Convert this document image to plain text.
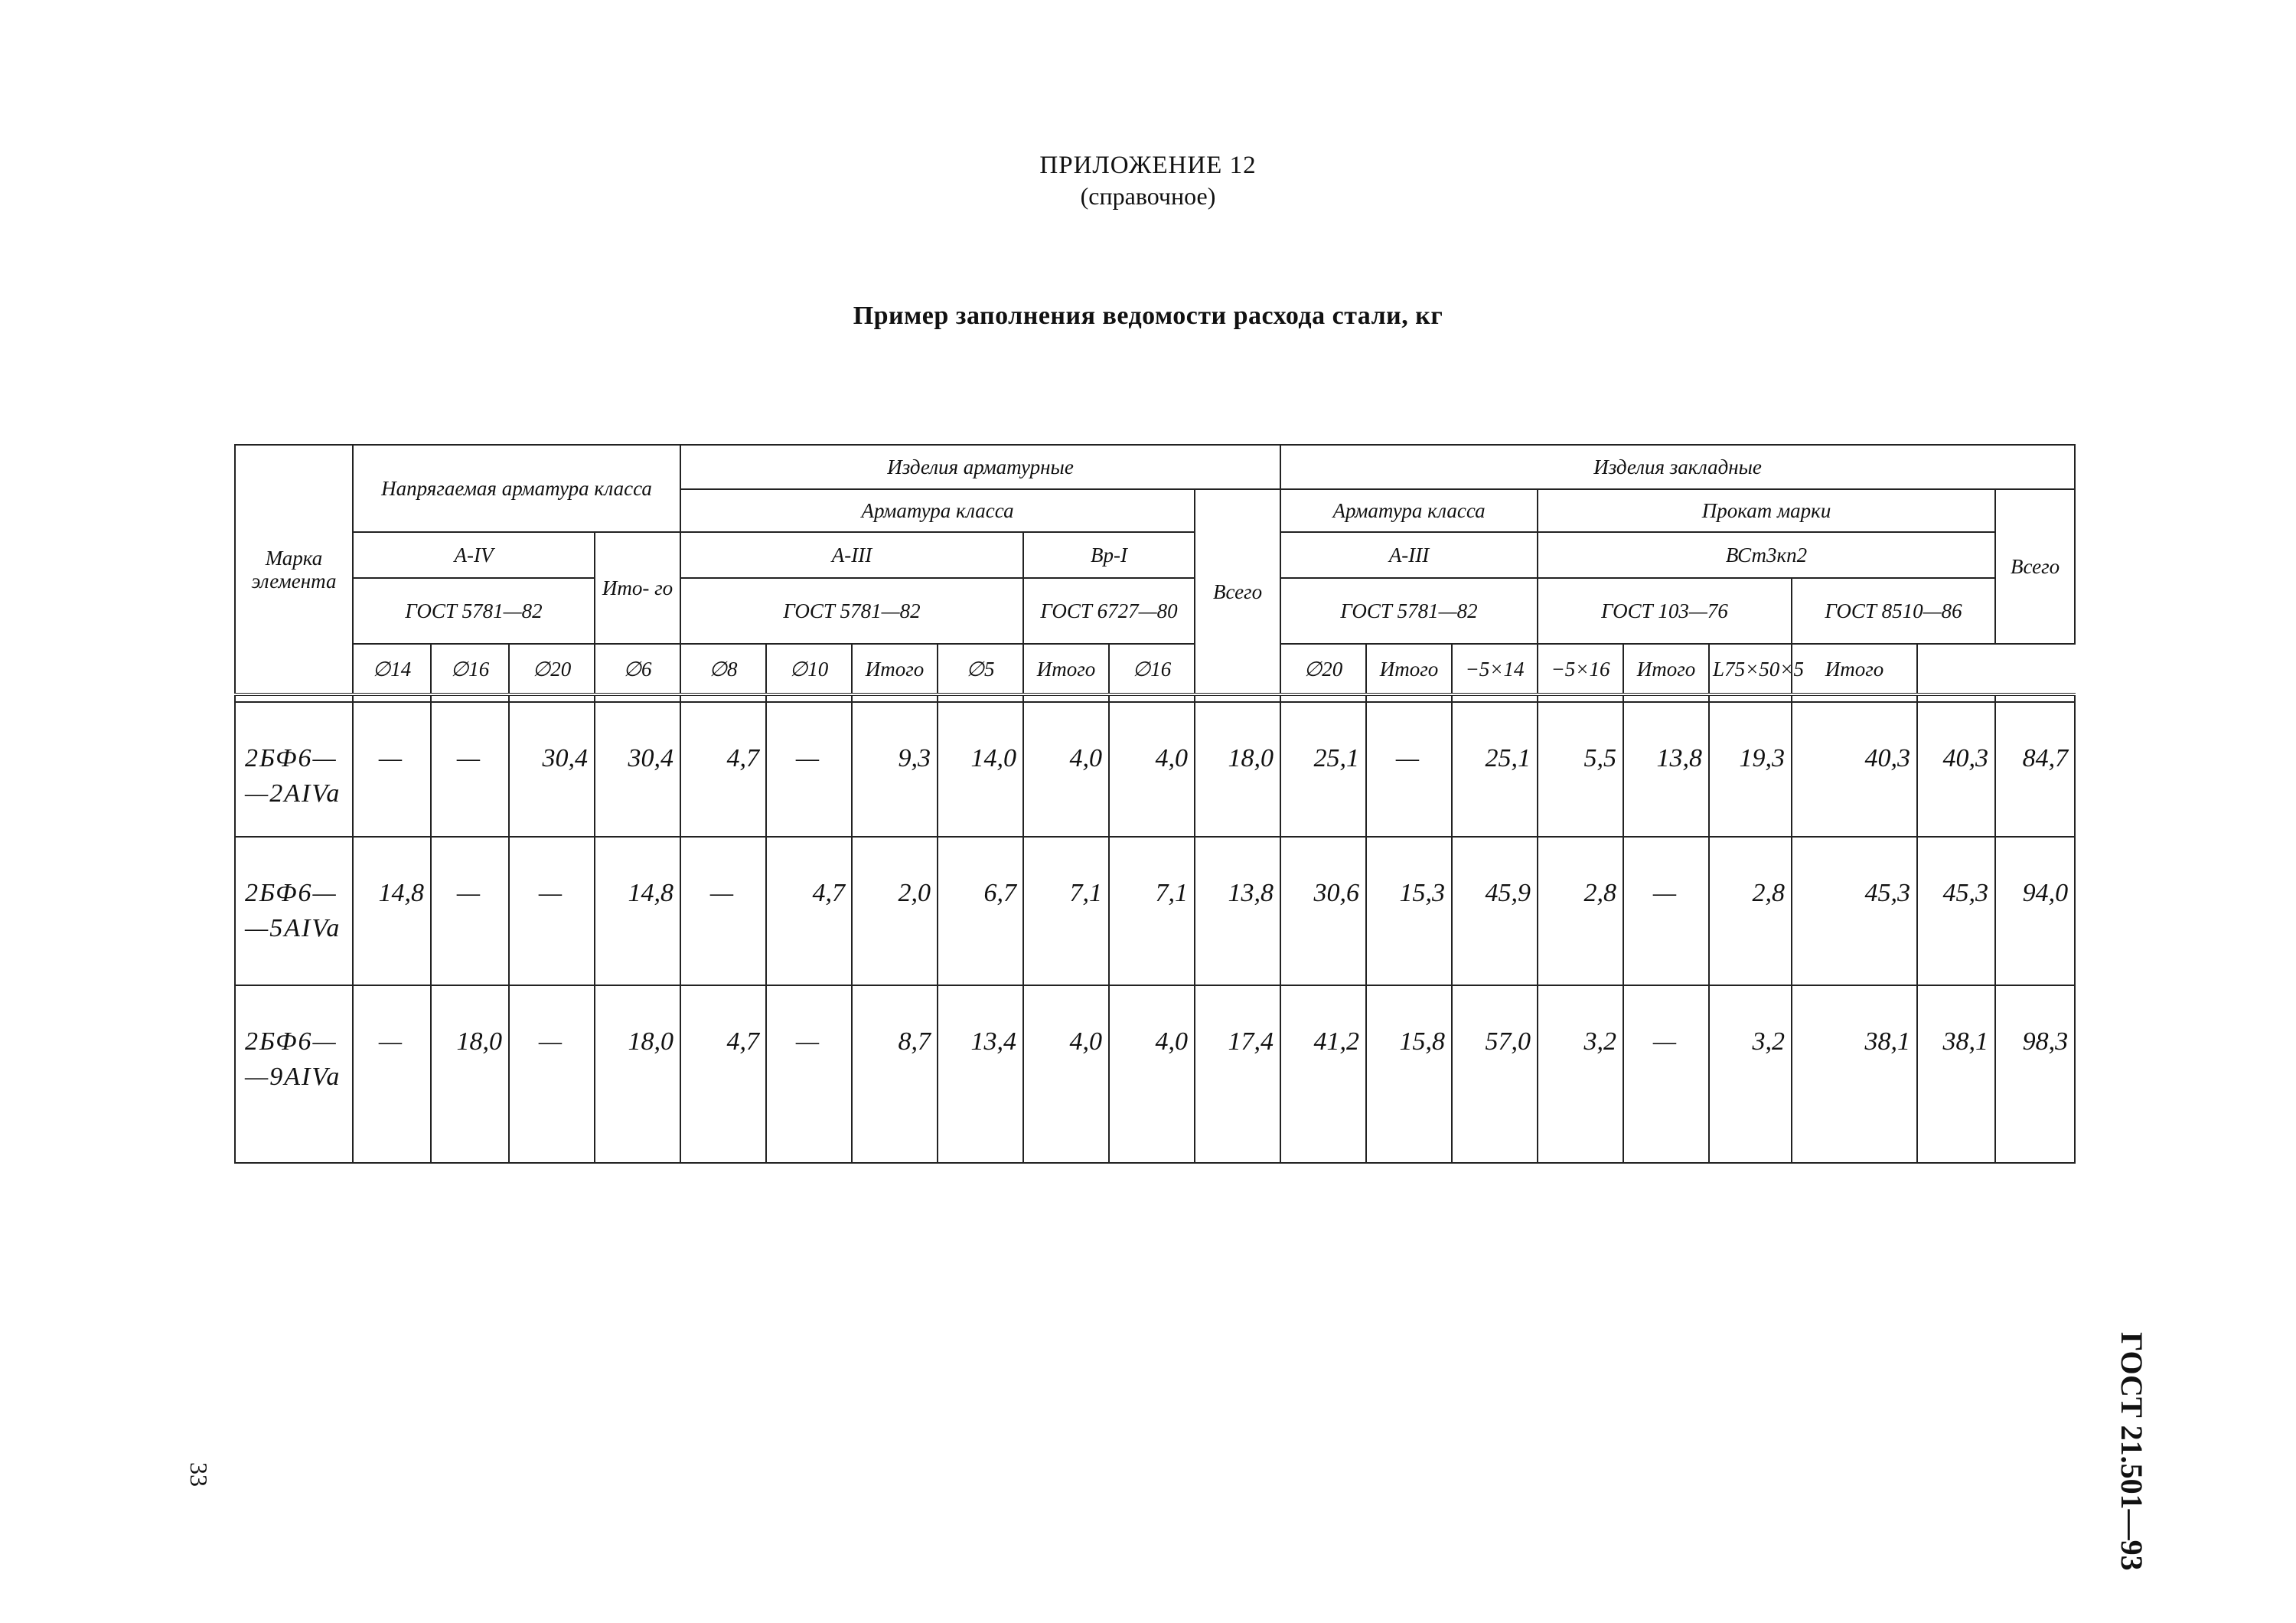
ПРИЛОЖЕНИЕ 12
(справочное)
Пример заполнения ведомости расхода стали, кг
Марка элемента	Напрягаемая арматура класса				Изделия арматурные							Изделия закладные								
					Арматура класса						Всего	Арматура класса			Прокат марки					Всего
	A-IV			Ито- го	A-III				Вр-I			A-III			ВСт3кп2					
	ГОСТ 5781—82				ГОСТ 5781—82				ГОСТ 6727—80			ГОСТ 5781—82			ГОСТ 103—76			ГОСТ 8510—86		
	∅14	∅16	∅20	∅6	∅8	∅10	Итого	∅5	Итого	∅16		∅20	Итого	−5×14	−5×16	Итого	L75×50×5	Итого		

2БФ6— —2AIVa	—	—	30,4	30,4	4,7	—	9,3	14,0	4,0	4,0	18,0	25,1	—	25,1	5,5	13,8	19,3	40,3	40,3	84,7
2БФ6— —5AIVa	14,8	—	—	14,8	—	4,7	2,0	6,7	7,1	7,1	13,8	30,6	15,3	45,9	2,8	—	2,8	45,3	45,3	94,0
2БФ6— —9AIVa	—	18,0	—	18,0	4,7	—	8,7	13,4	4,0	4,0	17,4	41,2	15,8	57,0	3,2	—	3,2	38,1	38,1	98,3
ГОСТ 21.501—93
33
